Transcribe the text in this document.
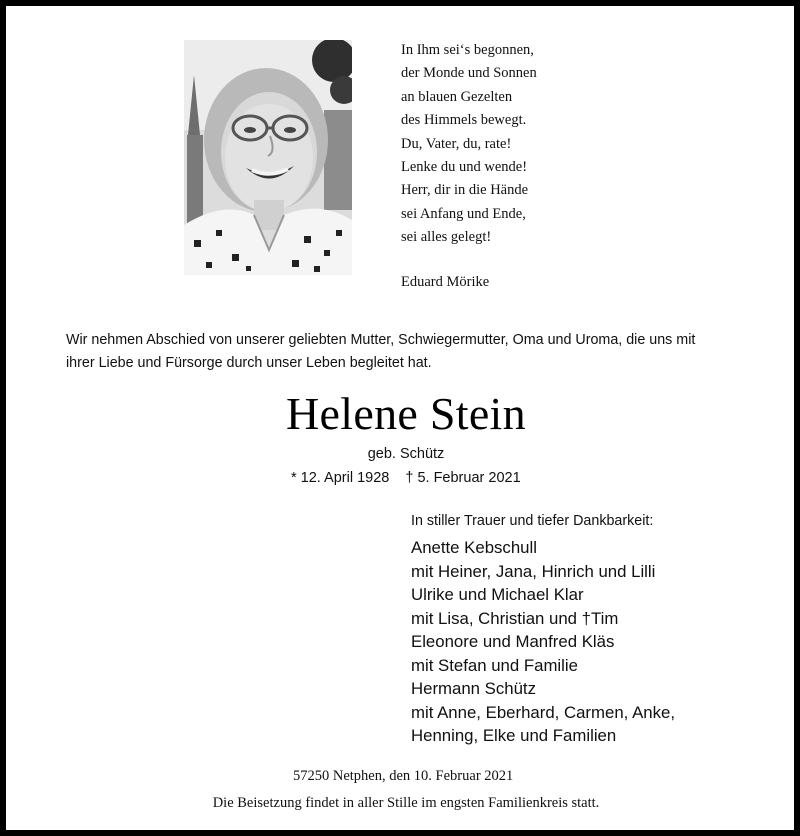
In Ihm sei‘s begonnen,
der Monde und Sonnen
an blauen Gezelten
des Himmels bewegt.
Du, Vater, du, rate!
Lenke du und wende!
Herr, dir in die Hände
sei Anfang und Ende,
sei alles gelegt!
Eduard Mörike
Wir nehmen Abschied von unserer geliebten Mutter, Schwiegermutter, Oma und Uroma, die uns mit
ihrer Liebe und Fürsorge durch unser Leben begleitet hat.
Helene Stein
geb. Schütz
* 12. April 1928 † 5. Februar 2021
In stiller Trauer und tiefer Dankbarkeit:
Anette Kebschull
mit Heiner, Jana, Hinrich und Lilli
Ulrike und Michael Klar
mit Lisa, Christian und †Tim
Eleonore und Manfred Kläs
mit Stefan und Familie
Hermann Schütz
mit Anne, Eberhard, Carmen, Anke,
Henning, Elke und Familien
57250 Netphen, den 10. Februar 2021
Die Beisetzung findet in aller Stille im engsten Familienkreis statt.
